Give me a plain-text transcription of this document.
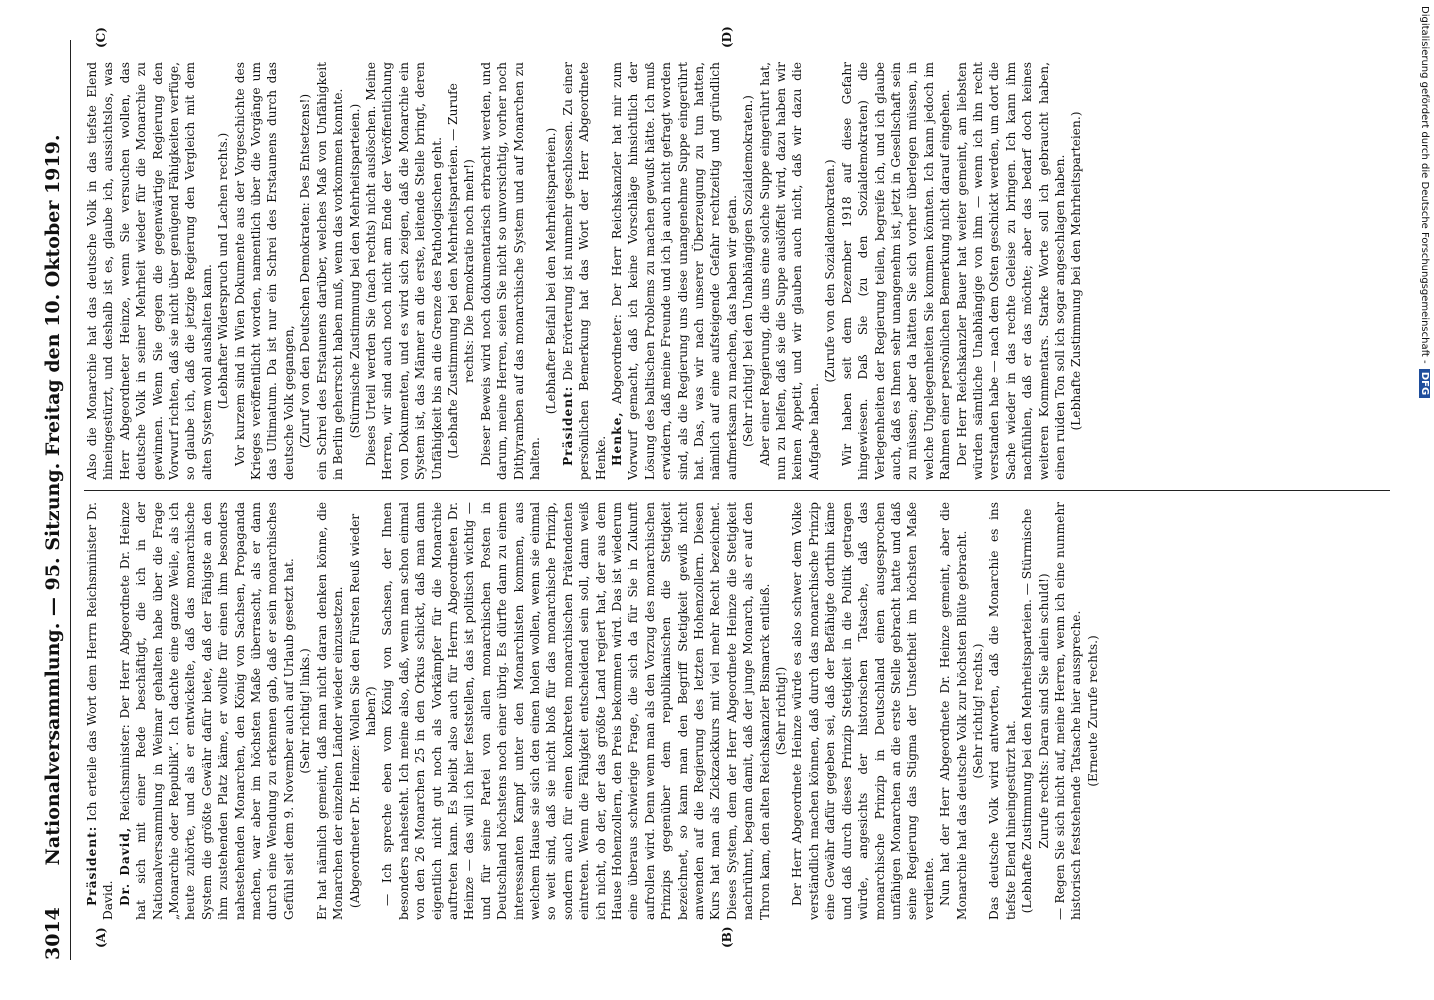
3014
Nationalversammlung. — 95. Sitzung. Freitag den 10. Oktober 1919.
(A)	(B)
(C)	(D)

Präsident: Ich erteile das Wort dem Herrn Reichsminister Dr. David. Dr. David, Reichsminister: Der Herr Abgeordnete Dr. Heinze hat sich mit einer Rede beschäftigt, die ich in der Nationalversammlung in Weimar gehalten habe über die Frage „Monarchie oder Republik“. Ich dachte eine ganze Weile, als ich heute zuhörte, und als er entwickelte, daß das monarchische System die größte Gewähr dafür biete, daß der Fähigste an den ihm zustehenden Platz käme, er wollte für einen ihm besonders nahestehenden Monarchen, den König von Sachsen, Propaganda machen, war aber im höchsten Maße überrascht, als er dann durch eine Wendung zu erkennen gab, daß er sein monarchisches Gefühl seit dem 9. November auch auf Urlaub gesetzt hat. (Sehr richtig! links.) Er hat nämlich gemeint, daß man nicht daran denken könne, die Monarchen der einzelnen Länder wieder einzusetzen. (Abgeordneter Dr. Heinze: Wollen Sie den Fürsten Reuß wieder haben?) — Ich spreche eben vom König von Sachsen, der Ihnen besonders nahesteht. Ich meine also, daß, wenn man schon einmal von den 26 Monarchen 25 in den Orkus schickt, daß man dann eigentlich nicht gut noch als Vorkämpfer für die Monarchie auftreten kann. Es bleibt also auch für Herrn Abgeordneten Dr. Heinze — das will ich hier feststellen, das ist politisch wichtig — und für seine Partei von allen monarchischen Posten in Deutschland höchstens noch einer übrig. Es dürfte dann zu einem interessanten Kampf unter den Monarchisten kommen, aus welchem Hause sie sich den einen holen wollen, wenn sie einmal so weit sind, daß sie nicht bloß für das monarchische Prinzip, sondern auch für einen konkreten monarchischen Prätendenten eintreten. Wenn die Fähigkeit entscheidend sein soll, dann weiß ich nicht, ob der, der das größte Land regiert hat, der aus dem Hause Hohenzollern, den Preis bekommen wird. Das ist wiederum eine überaus schwierige Frage, die sich da für Sie in Zukunft aufrollen wird. Denn wenn man als den Vorzug des monarchischen Prinzips gegenüber dem republikanischen die Stetigkeit bezeichnet, so kann man den Begriff Stetigkeit gewiß nicht anwenden auf die Regierung des letzten Hohenzollern. Diesen Kurs hat man als Zickzackkurs mit viel mehr Recht bezeichnet. Dieses System, dem der Herr Abgeordnete Heinze die Stetigkeit nachrühmt, begann damit, daß der junge Monarch, als er auf den Thron kam, den alten Reichskanzler Bismarck entließ. (Sehr richtig!) Der Herr Abgeordnete Heinze würde es also schwer dem Volke verständlich machen können, daß durch das monarchische Prinzip eine Gewähr dafür gegeben sei, daß der Befähigte dorthin käme und daß durch dieses Prinzip Stetigkeit in die Politik getragen würde, angesichts der historischen Tatsache, daß das monarchische Prinzip in Deutschland einen ausgesprochen unfähigen Monarchen an die erste Stelle gebracht hatte und daß seine Regierung das Stigma der Unstetheit im höchsten Maße verdiente. Nun hat der Herr Abgeordnete Dr. Heinze gemeint, aber die Monarchie hat das deutsche Volk zur höchsten Blüte gebracht. (Sehr richtig! rechts.) Das deutsche Volk wird antworten, daß die Monarchie es ins tiefste Elend hineingestürzt hat. (Lebhafte Zustimmung bei den Mehrheitsparteien. — Stürmische Zurufe rechts: Daran sind Sie allein schuld!) — Regen Sie sich nicht auf, meine Herren, wenn ich eine nunmehr historisch feststehende Tatsache hier ausspreche. (Erneute Zurufe rechts.)

Also die Monarchie hat das deutsche Volk in das tiefste Elend hineingestürzt, und deshalb ist es, glaube ich, aussichtslos, was Herr Abgeordneter Heinze, wenn Sie versuchen wollen, das deutsche Volk in seiner Mehrheit wieder für die Monarchie zu gewinnen. Wenn Sie gegen die gegenwärtige Regierung den Vorwurf richten, daß sie nicht über genügend Fähigkeiten verfüge, so glaube ich, daß die jetzige Regierung den Vergleich mit dem alten System wohl aushalten kann. (Lebhafter Widerspruch und Lachen rechts.) Vor kurzem sind in Wien Dokumente aus der Vorgeschichte des Krieges veröffentlicht worden, namentlich über die Vorgänge um das Ultimatum. Da ist nur ein Schrei des Erstaunens durch das deutsche Volk gegangen, (Zuruf von den Deutschen Demokraten: Des Entsetzens!) ein Schrei des Erstaunens darüber, welches Maß von Unfähigkeit in Berlin geherrscht haben muß, wenn das vorkommen konnte. (Stürmische Zustimmung bei den Mehrheitsparteien.) Dieses Urteil werden Sie (nach rechts) nicht auslöschen. Meine Herren, wir sind auch noch nicht am Ende der Veröffentlichung von Dokumenten, und es wird sich zeigen, daß die Monarchie ein System ist, das Männer an die erste, leitende Stelle bringt, deren Unfähigkeit bis an die Grenze des Pathologischen geht. (Lebhafte Zustimmung bei den Mehrheitsparteien. — Zurufe rechts: Die Demokratie noch mehr!) Dieser Beweis wird noch dokumentarisch erbracht werden, und darum, meine Herren, seien Sie nicht so unvorsichtig, vorher noch Dithyramben auf das monarchische System und auf Monarchen zu halten.

(Lebhafter Beifall bei den Mehrheitsparteien.)

Präsident: Die Erörterung ist nunmehr geschlossen. Zu einer persönlichen Bemerkung hat das Wort der Herr Abgeordnete Henke. Henke, Abgeordneter: Der Herr Reichskanzler hat mir zum Vorwurf gemacht, daß ich keine Vorschläge hinsichtlich der Lösung des baltischen Problems zu machen gewußt hätte. Ich muß erwidern, daß meine Freunde und ich ja auch nicht gefragt worden sind, als die Regierung uns diese unangenehme Suppe eingerührt hat. Das, was wir nach unserer Überzeugung zu tun hatten, nämlich auf eine aufsteigende Gefahr rechtzeitig und gründlich aufmerksam zu machen, das haben wir getan. (Sehr richtig! bei den Unabhängigen Sozialdemokraten.) Aber einer Regierung, die uns eine solche Suppe eingerührt hat, nun zu helfen, daß sie die Suppe auslöffelt wird, dazu haben wir keinen Appetit, und wir glauben auch nicht, daß wir dazu die Aufgabe haben.

(Zurufe von den Sozialdemokraten.) Wir haben seit dem Dezember 1918 auf diese Gefahr hingewiesen. Daß Sie (zu den Sozialdemokraten) die Verlegenheiten der Regierung teilen, begreife ich, und ich glaube auch, daß es Ihnen sehr unangenehm ist, jetzt in Gesellschaft sein zu müssen; aber da hätten Sie sich vorher überlegen müssen, in welche Ungelegenheiten Sie kommen könnten. Ich kann jedoch im Rahmen einer persönlichen Bemerkung nicht darauf eingehen. Der Herr Reichskanzler Bauer hat weiter gemeint, am liebsten würden sämtliche Unabhängige von ihm — wenn ich ihn recht verstanden habe — nach dem Osten geschickt werden, um dort die Sache wieder in das rechte Geleise zu bringen. Ich kann ihm nachfühlen, daß er das möchte; aber das bedarf doch keines weiteren Kommentars. Starke Worte soll ich gebraucht haben, einen ruiden Ton soll ich sogar angeschlagen haben. (Lebhafte Zustimmung bei den Mehrheitsparteien.)	Digitalisierung gefördert durch die Deutsche Forschungsgemeinschaft - DFG
